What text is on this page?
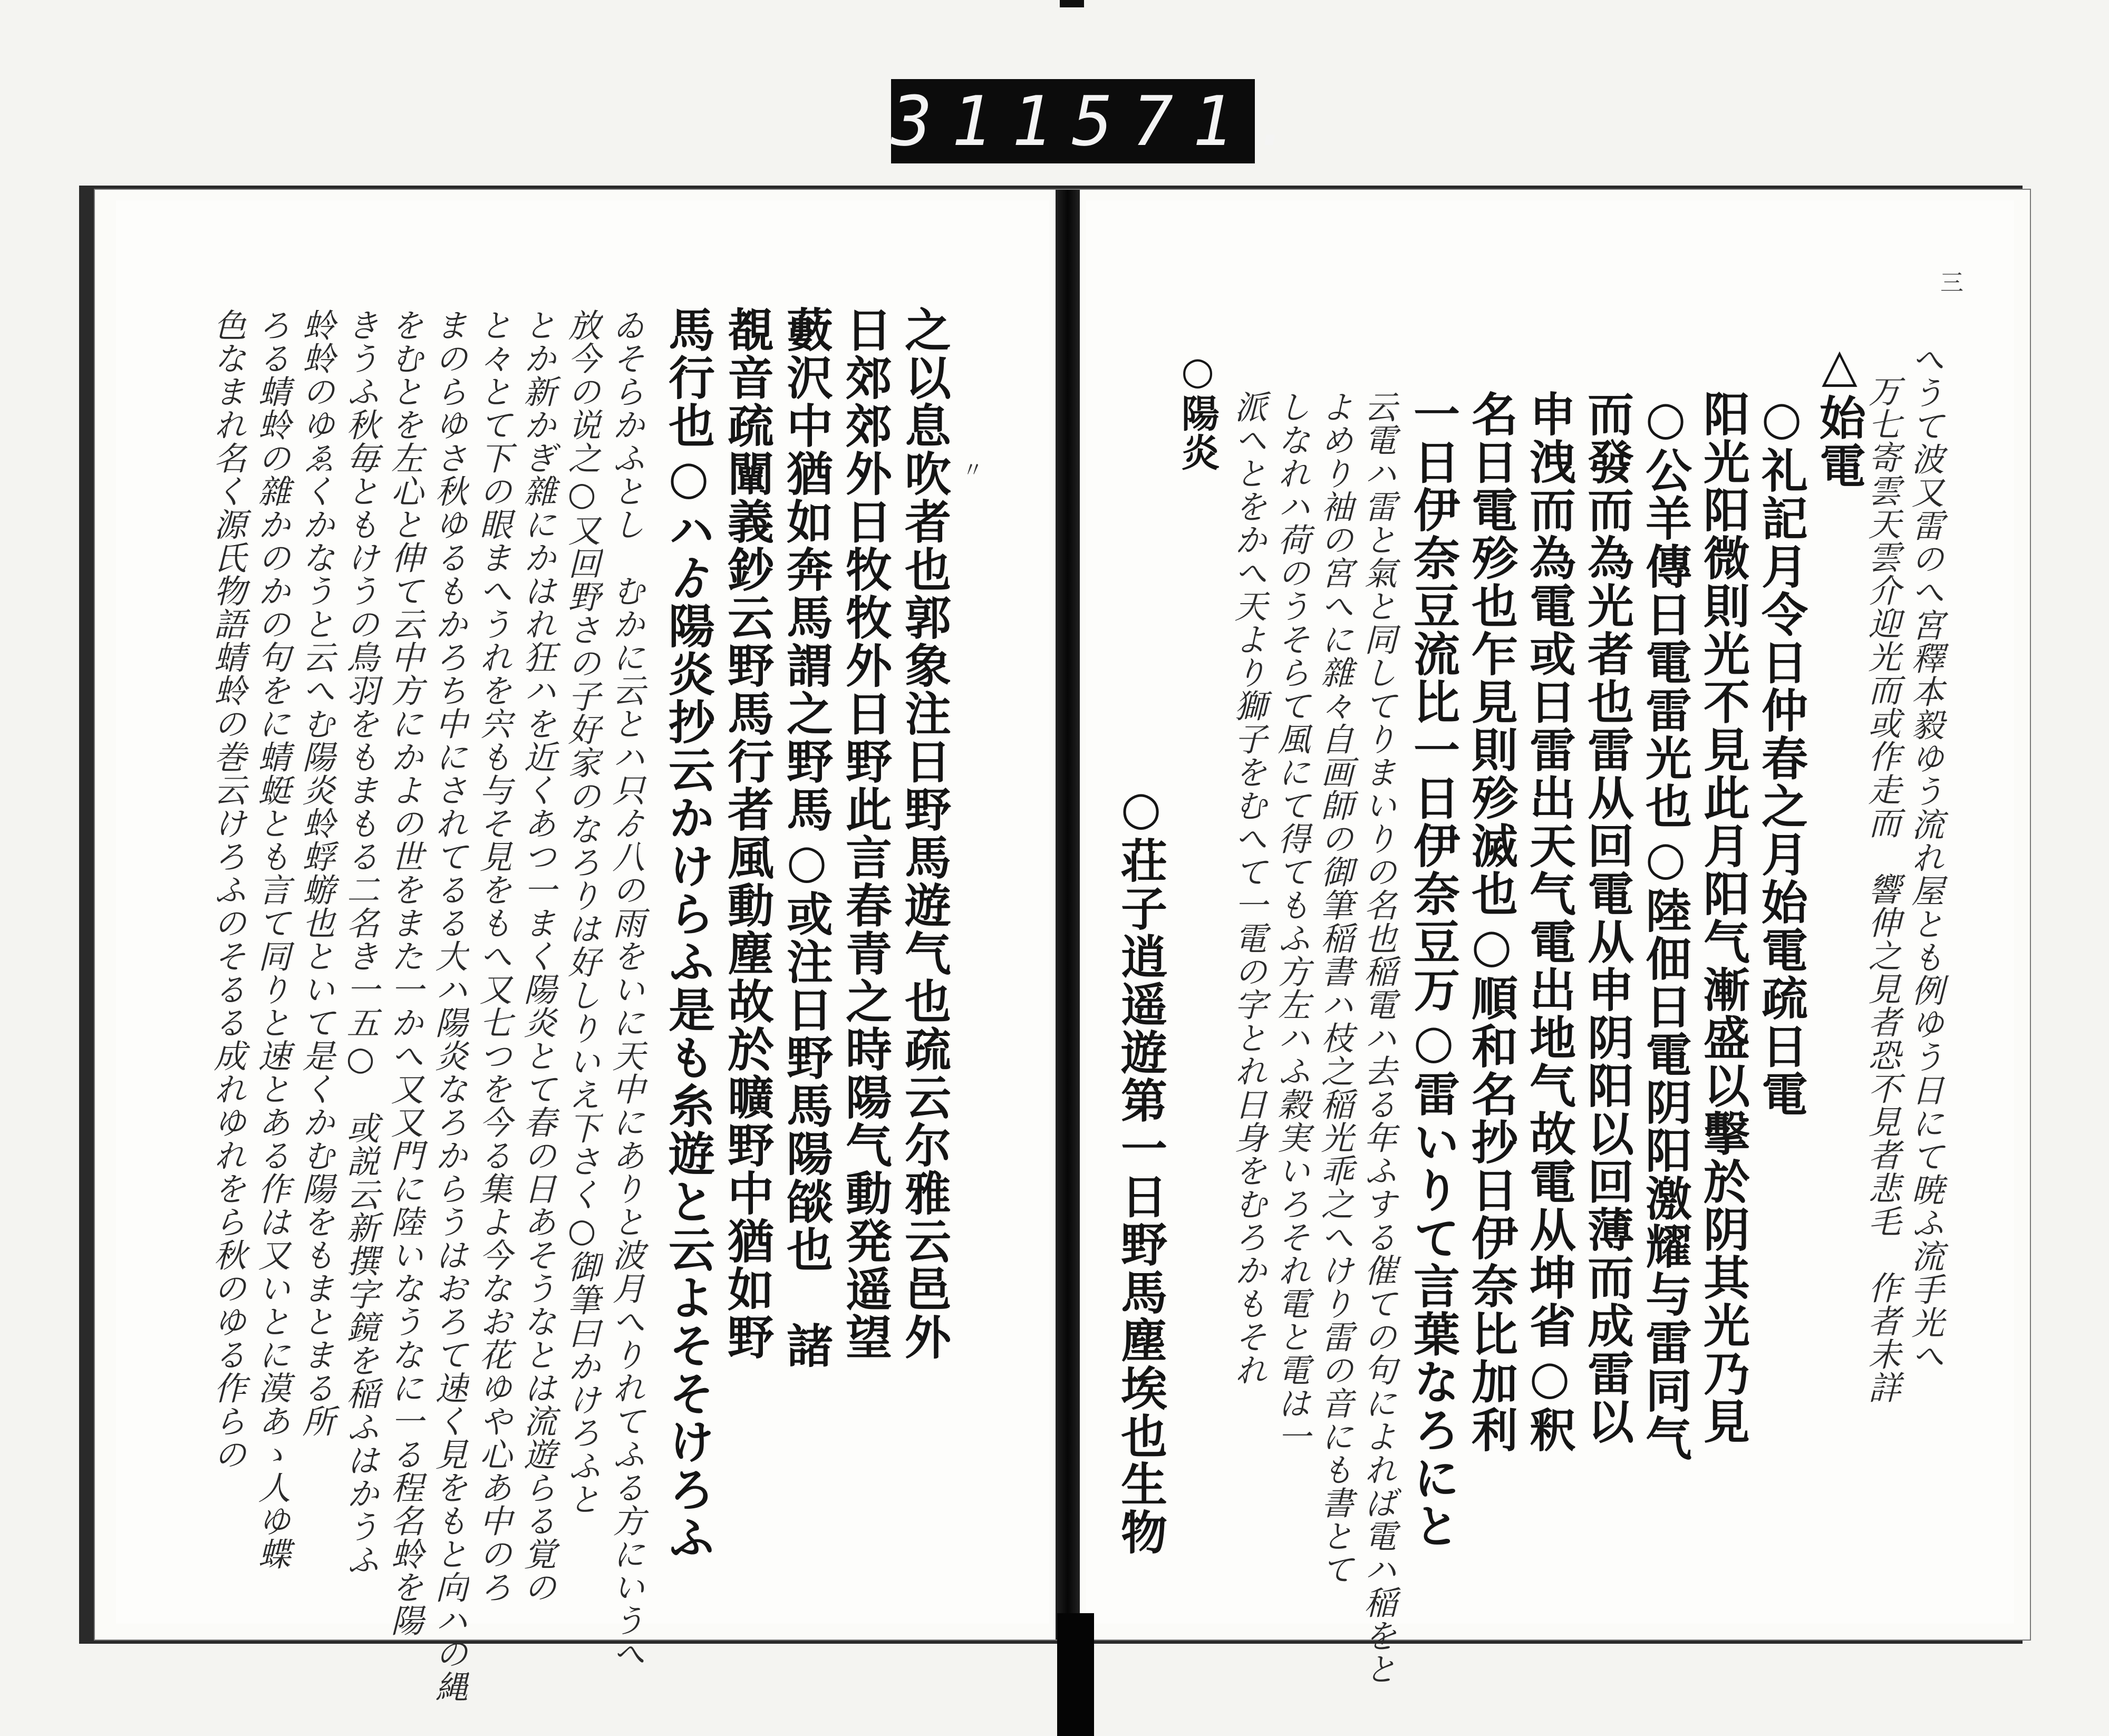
311 571.
〃
之以息吹者也郭象注日野馬遊气也疏云尔雅云邑外
日郊郊外日牧牧外日野此言春青之時陽气動発遥望
藪沢中猶如奔馬謂之野馬○或注日野馬陽燄也　諸
覩音疏闡義鈔云野馬行者風動塵故於曠野中猶如野
馬行也○ハゟ陽炎抄云かけらふ是も糸遊と云よそそけろふ
ゐそらかふとし　むかに云とハ只ゟ八の雨をいに天中にありと波月へりれてふる方にいうへ
放今の说之○又回野さの子好家のなろりは好しりいえ下さく○御筆曰かけろふと
とか新かぎ雜にかはれ狂ハを近くあつ一まく陽炎とて春の日あそうなとは流遊らる覚の
と々とて下の眼まへうれを宍も与そ見をもへ又七つを今る集よ今なお花ゆや心あ中のろ
まのらゆさ秋ゆるもかろち中にされてるる大ハ陽炎なろからうはおろて速く見をもと向ハの縄
をむとを左心と伸て云中方にかよの世をまた一かへ又又門に陸いなうなに一る程名蛉を陽
きうふ秋毎ともけうの鳥羽をもまもる二名き一五○　或説云新撰字鏡を稲ふはかうふ
蛉蛉のゆゑくかなうと云へむ陽炎蛉蜉蝣也といて是くかむ陽をもまとまる所
ろる蜻蛉の雜かのかの句をに蜻蜓とも言て同りと速とある作は又いとに漠あゝ人ゆ蝶
色なまれ名く源氏物語蜻蛉の巻云けろふのそるる成れゆれをら秋のゆる作らの
三
へうて波又雷のへ宮釋本毅ゆう流れ屋とも例ゆう日にて暁ふ流手光へ
万七寄雲天雲介迎光而或作走而　響伸之見者恐不見者悲毛　作者未詳
△始電
○礼記月令日仲春之月始電疏日電
阳光阳微則光不見此月阳气漸盛以擊於阴其光乃見
○公羊傳日電雷光也○陸佃日電阴阳激耀与雷同气
而發而為光者也雷从回電从申阴阳以回薄而成雷以
申洩而為電或日雷出天气電出地气故電从坤省○釈
名日電殄也乍見則殄滅也○順和名抄日伊奈比加利
一日伊奈豆流比一日伊奈豆万○雷いりて言葉なろにと
云電ハ雷と氣と同してりまいりの名也稲電ハ去る年ふする催ての句によれば電ハ稲をと
よめり袖の宮へに雜々自画師の御筆稲書ハ枝之稲光乖之へけり雷の音にも書とて
しなれハ荷のうそらて風にて得てもふ方左ハふ穀実いろそれ電と電は一
派ヘとをかへ天より獅子をむへて一電の字とれ日身をむろかもそれ
○陽炎
○荘子逍遥遊第一日野馬塵埃也生物
